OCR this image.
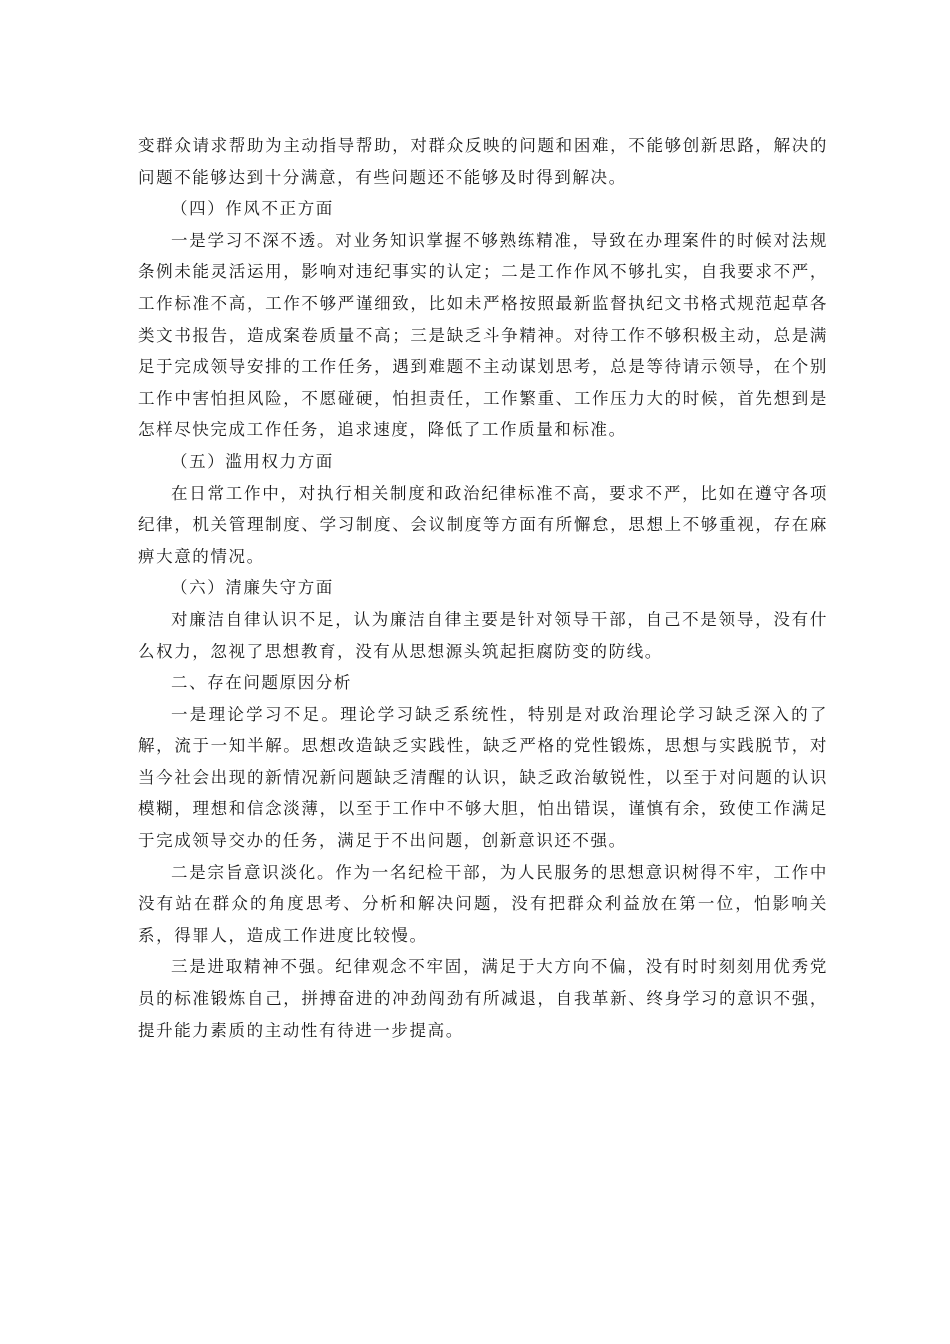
变群众请求帮助为主动指导帮助，对群众反映的问题和困难，不能够创新思路，解决的问题不能够达到十分满意，有些问题还不能够及时得到解决。

（四）作风不正方面

一是学习不深不透。对业务知识掌握不够熟练精准，导致在办理案件的时候对法规条例未能灵活运用，影响对违纪事实的认定；二是工作作风不够扎实，自我要求不严，工作标准不高，工作不够严谨细致，比如未严格按照最新监督执纪文书格式规范起草各类文书报告，造成案卷质量不高；三是缺乏斗争精神。对待工作不够积极主动，总是满足于完成领导安排的工作任务，遇到难题不主动谋划思考，总是等待请示领导，在个别工作中害怕担风险，不愿碰硬，怕担责任，工作繁重、工作压力大的时候，首先想到是怎样尽快完成工作任务，追求速度，降低了工作质量和标准。

（五）滥用权力方面

在日常工作中，对执行相关制度和政治纪律标准不高，要求不严，比如在遵守各项纪律，机关管理制度、学习制度、会议制度等方面有所懈怠，思想上不够重视，存在麻痹大意的情况。

（六）清廉失守方面

对廉洁自律认识不足，认为廉洁自律主要是针对领导干部，自己不是领导，没有什么权力，忽视了思想教育，没有从思想源头筑起拒腐防变的防线。

二、存在问题原因分析

一是理论学习不足。理论学习缺乏系统性，特别是对政治理论学习缺乏深入的了解，流于一知半解。思想改造缺乏实践性，缺乏严格的党性锻炼，思想与实践脱节，对当今社会出现的新情况新问题缺乏清醒的认识，缺乏政治敏锐性，以至于对问题的认识模糊，理想和信念淡薄，以至于工作中不够大胆，怕出错误，谨慎有余，致使工作满足于完成领导交办的任务，满足于不出问题，创新意识还不强。

二是宗旨意识淡化。作为一名纪检干部，为人民服务的思想意识树得不牢，工作中没有站在群众的角度思考、分析和解决问题，没有把群众利益放在第一位，怕影响关系，得罪人，造成工作进度比较慢。

三是进取精神不强。纪律观念不牢固，满足于大方向不偏，没有时时刻刻用优秀党员的标准锻炼自己，拼搏奋进的冲劲闯劲有所减退，自我革新、终身学习的意识不强，提升能力素质的主动性有待进一步提高。
